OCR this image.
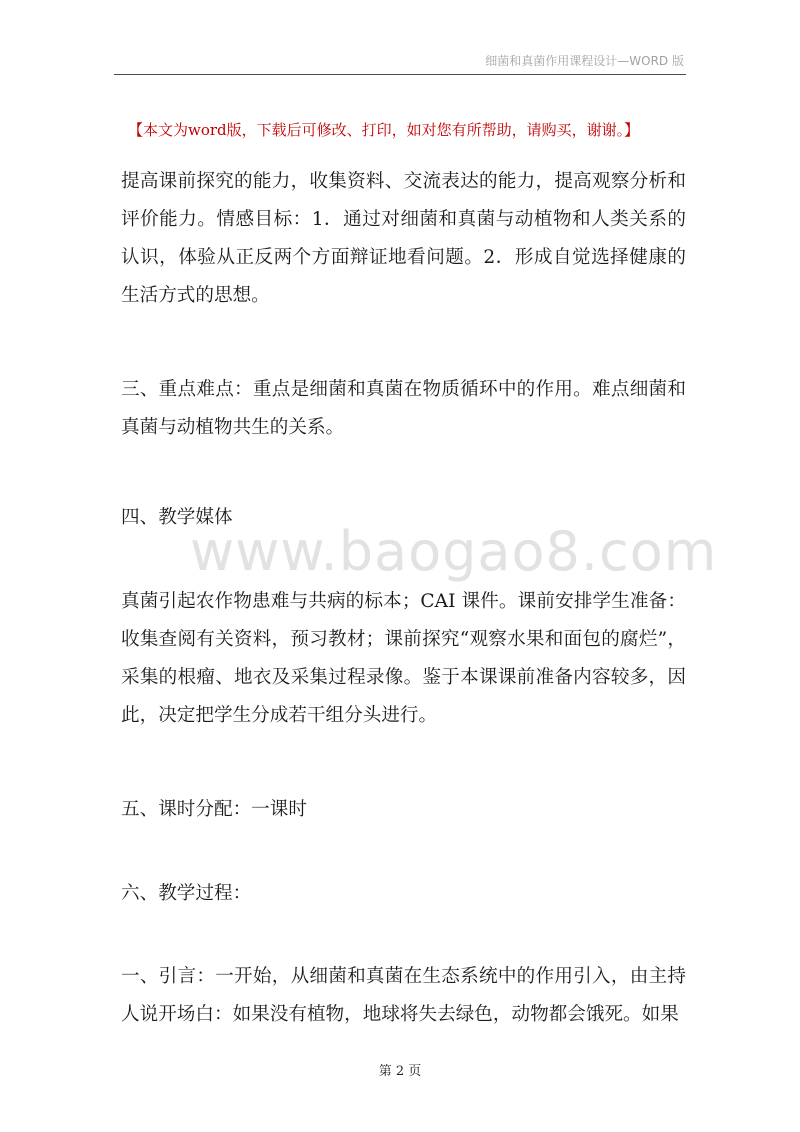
细菌和真菌作用课程设计—WORD 版
【本文为word版，下载后可修改、打印，如对您有所帮助，请购买，谢谢。】
提高课前探究的能力，收集资料、交流表达的能力，提高观察分析和评价能力。情感目标：1．通过对细菌和真菌与动植物和人类关系的认识，体验从正反两个方面辩证地看问题。2．形成自觉选择健康的生活方式的思想。
三、重点难点：重点是细菌和真菌在物质循环中的作用。难点细菌和真菌与动植物共生的关系。
四、教学媒体
真菌引起农作物患难与共病的标本；CAI 课件。课前安排学生准备：收集查阅有关资料，预习教材；课前探究“观察水果和面包的腐烂”，采集的根瘤、地衣及采集过程录像。鉴于本课课前准备内容较多，因此，决定把学生分成若干组分头进行。
五、课时分配：一课时
六、教学过程：
一、引言：一开始，从细菌和真菌在生态系统中的作用引入，由主持人说开场白：如果没有植物，地球将失去绿色，动物都会饿死。如果
www.baogao8.com
第 2 页
